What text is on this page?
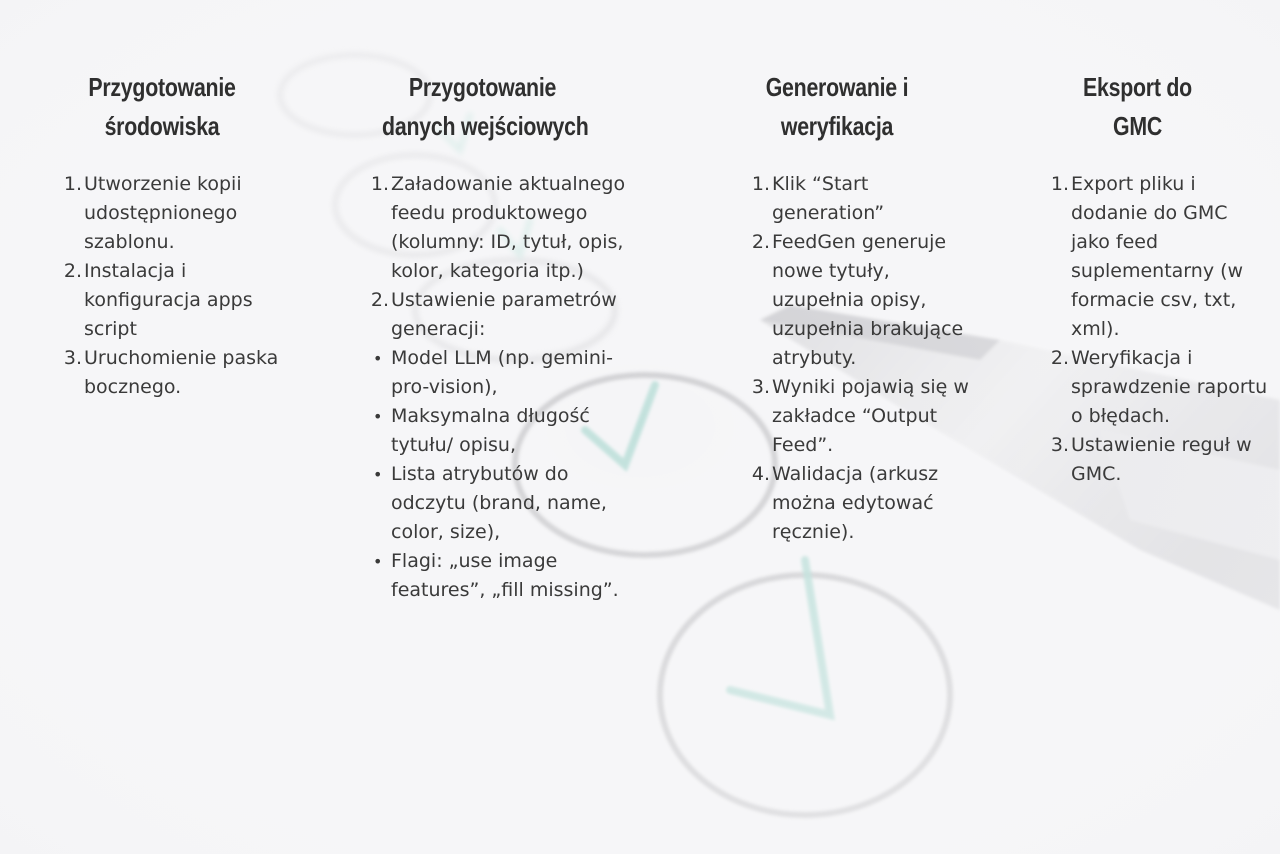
Przygotowanie
środowiska
1. Utworzenie kopii udostępnionego szablonu.
2. Instalacja i konfiguracja apps script
3. Uruchomienie paska bocznego.
Przygotowanie
danych wejściowych
1. Załadowanie aktualnego feedu produktowego (kolumny: ID, tytuł, opis, kolor, kategoria itp.)
2. Ustawienie parametrów generacji:
• Model LLM (np. gemini-pro-vision),
• Maksymalna długość tytułu/ opisu,
• Lista atrybutów do odczytu (brand, name, color, size),
• Flagi: „use image features”, „fill missing”.
Generowanie i
weryfikacja
1. Klik “Start generation”
2. FeedGen generuje nowe tytuły, uzupełnia opisy, uzupełnia brakujące atrybuty.
3. Wyniki pojawią się w zakładce “Output Feed”.
4. Walidacja (arkusz można edytować ręcznie).
Eksport do
GMC
1. Export pliku i dodanie do GMC jako feed suplementarny (w formacie csv, txt, xml).
2. Weryfikacja i sprawdzenie raportu o błędach.
3. Ustawienie reguł w GMC.
